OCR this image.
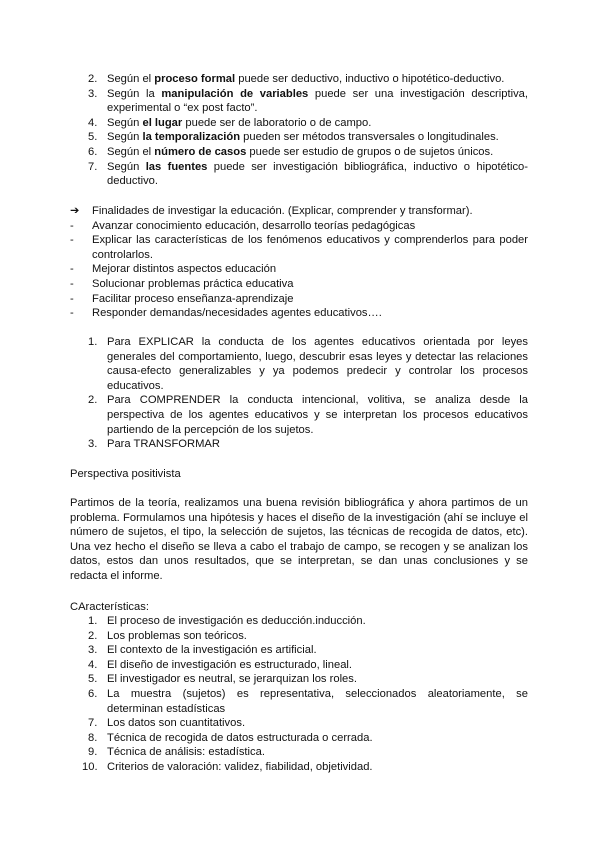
2. Según el proceso formal puede ser deductivo, inductivo o hipotético-deductivo.
3. Según la manipulación de variables puede ser una investigación descriptiva, experimental o “ex post facto”.
4. Según el lugar puede ser de laboratorio o de campo.
5. Según la temporalización pueden ser métodos transversales o longitudinales.
6. Según el número de casos puede ser estudio de grupos o de sujetos únicos.
7. Según las fuentes puede ser investigación bibliográfica, inductivo o hipotético-deductivo.
➔ Finalidades de investigar la educación. (Explicar, comprender y transformar).
- Avanzar conocimiento educación, desarrollo teorías pedagógicas
- Explicar las características de los fenómenos educativos y comprenderlos para poder controlarlos.
- Mejorar distintos aspectos educación
- Solucionar problemas práctica educativa
- Facilitar proceso enseñanza-aprendizaje
- Responder demandas/necesidades agentes educativos….
1. Para EXPLICAR la conducta de los agentes educativos orientada por leyes generales del comportamiento, luego, descubrir esas leyes y detectar las relaciones causa-efecto generalizables y ya podemos predecir y controlar los procesos educativos.
2. Para COMPRENDER la conducta intencional, volitiva, se analiza desde la perspectiva de los agentes educativos y se interpretan los procesos educativos partiendo de la percepción de los sujetos.
3. Para TRANSFORMAR
Perspectiva positivista
Partimos de la teoría, realizamos una buena revisión bibliográfica y ahora partimos de un problema. Formulamos una hipótesis y haces el diseño de la investigación (ahí se incluye el número de sujetos, el tipo, la selección de sujetos, las técnicas de recogida de datos, etc). Una vez hecho el diseño se lleva a cabo el trabajo de campo, se recogen y se analizan los datos, estos dan unos resultados, que se interpretan, se dan unas conclusiones y se redacta el informe.
CAracterísticas:
1. El proceso de investigación es deducción.inducción.
2. Los problemas son teóricos.
3. El contexto de la investigación es artificial.
4. El diseño de investigación es estructurado, lineal.
5. El investigador es neutral, se jerarquizan los roles.
6. La muestra (sujetos) es representativa, seleccionados aleatoriamente, se determinan estadísticas
7. Los datos son cuantitativos.
8. Técnica de recogida de datos estructurada o cerrada.
9. Técnica de análisis: estadística.
10. Criterios de valoración: validez, fiabilidad, objetividad.
